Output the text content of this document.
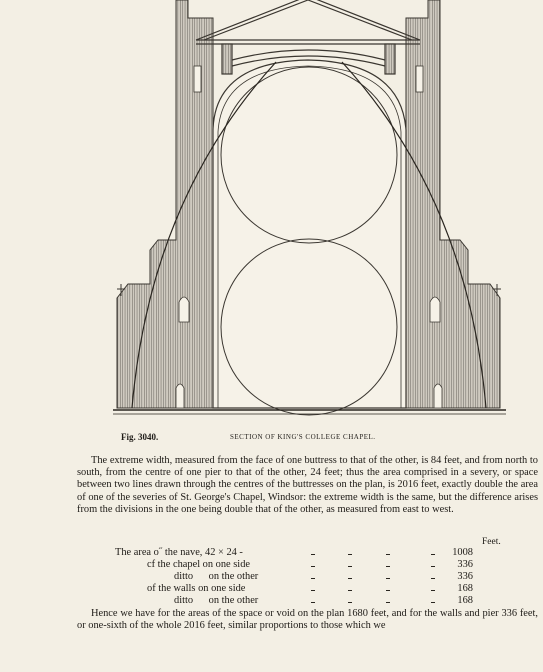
Fig. 3040.	SECTION OF KING'S COLLEGE CHAPEL.

The extreme width, measured from the face of one buttress to that of the other, is 84 feet, and from north to south, from the centre of one pier to that of the other, 24 feet; thus the area comprised in a severy, or space between two lines drawn through the centres of the buttresses on the plan, is 2016 feet, exactly double the area of one of the severies of St. George's Chapel, Windsor: the extreme width is the same, but the difference arises from the divisions in the one being double that of the other, as measured from east to west.

Feet.
The area o˝ the nave, 42 × 24 -	1008
cf the chapel on one side	336
ditto      on the other	336
of the walls on one side	168
ditto      on the other	168

Hence we have for the areas of the space or void on the plan 1680 feet, and for the walls and pier 336 feet, or one-sixth of the whole 2016 feet, similar proportions to those which we
